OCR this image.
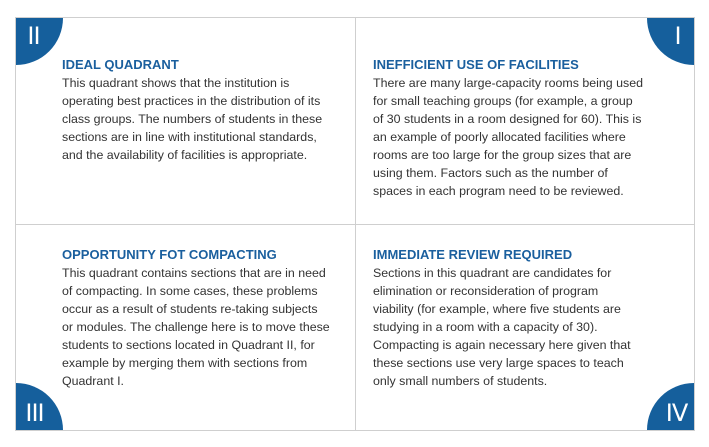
II	I
III	IV
IDEAL QUADRANT
This quadrant shows that the institution is
operating best practices in the distribution of its
class groups. The numbers of students in these
sections are in line with institutional standards,
and the availability of facilities is appropriate.
INEFFICIENT USE OF FACILITIES
There are many large-capacity rooms being used
for small teaching groups (for example, a group
of 30 students in a room designed for 60). This is
an example of poorly allocated facilities where
rooms are too large for the group sizes that are
using them. Factors such as the number of
spaces in each program need to be reviewed.
OPPORTUNITY FOT COMPACTING
This quadrant contains sections that are in need
of compacting. In some cases, these problems
occur as a result of students re-taking subjects
or modules. The challenge here is to move these
students to sections located in Quadrant II, for
example by merging them with sections from
Quadrant I.
IMMEDIATE REVIEW REQUIRED
Sections in this quadrant are candidates for
elimination or reconsideration of program
viability (for example, where five students are
studying in a room with a capacity of 30).
Compacting is again necessary here given that
these sections use very large spaces to teach
only small numbers of students.
